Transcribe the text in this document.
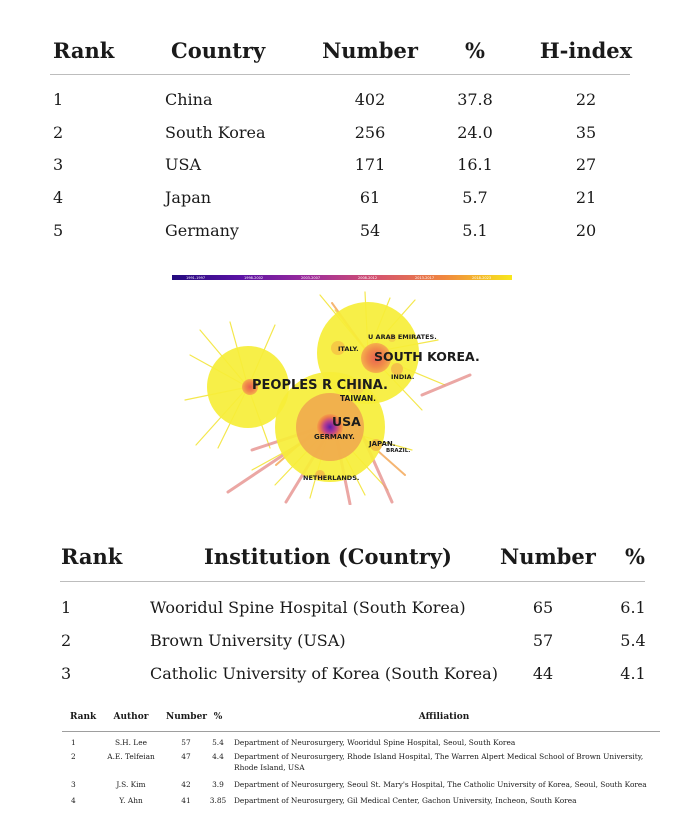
Rank	Country	Number	%	H-index
1	China	402	37.8	22
2	South Korea	256	24.0	35
3	USA	171	16.1	27
4	Japan	61	5.7	21
5	Germany	54	5.1	20
1991-1997	1998-2002	2003-2007	2008-2012	2013-2017	2018-2023
U ARAB EMIRATES.
ITALY. SOUTH KOREA.
INDIA.
PEOPLES R CHINA.
TAIWAN.
USA
GERMANY.
JAPAN.
BRAZIL.
NETHERLANDS.
Rank	Institution (Country) Number %
1	Wooridul Spine Hospital (South Korea)	65	6.1
2	Brown University (USA)	57	5.4
3	Catholic University of Korea (South Korea)	44	4.1
Rank	Author	Number %	Affiliation
1	S.H. Lee	57	5.4	Department of Neurosurgery, Wooridul Spine Hospital, Seoul, South Korea
2	A.E. Telfeian	47	4.4	Department of Neurosurgery, Rhode Island Hospital, The Warren Alpert Medical School of Brown University, Rhode Island, USA
3	J.S. Kim	42	3.9	Department of Neurosurgery, Seoul St. Mary's Hospital, The Catholic University of Korea, Seoul, South Korea
4	Y. Ahn	41	3.85	Department of Neurosurgery, Gil Medical Center, Gachon University, Incheon, South Korea
